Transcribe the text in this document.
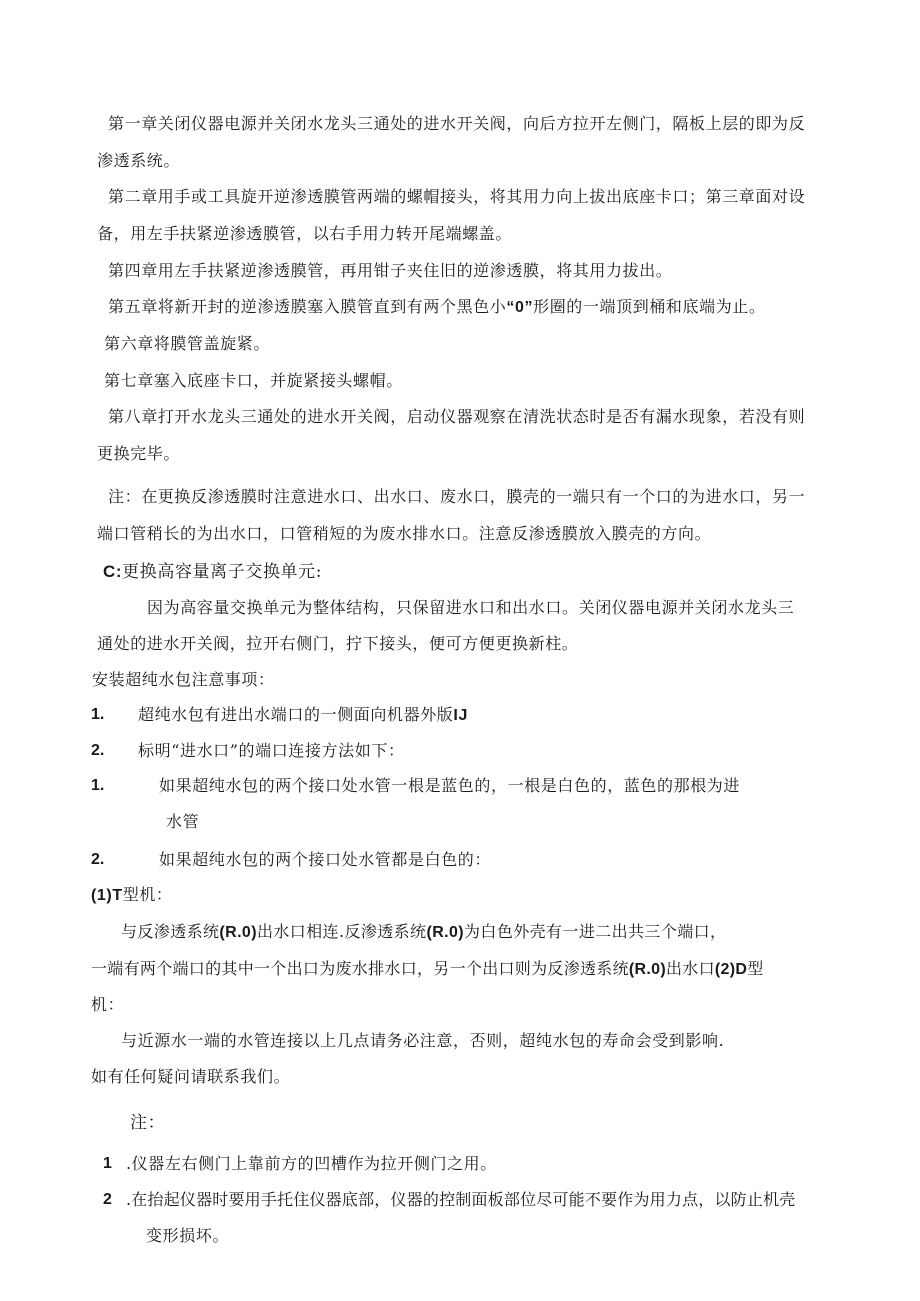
第一章关闭仪器电源并关闭水龙头三通处的进水开关阀，向后方拉开左侧门，隔板上层的即为反
渗透系统。
第二章用手或工具旋开逆渗透膜管两端的螺帽接头，将其用力向上拔出底座卡口；第三章面对设
备，用左手扶紧逆渗透膜管，以右手用力转开尾端螺盖。
第四章用左手扶紧逆渗透膜管，再用钳子夹住旧的逆渗透膜，将其用力拔出。
第五章将新开封的逆渗透膜塞入膜管直到有两个黑色小“0”形圈的一端顶到桶和底端为止。
第六章将膜管盖旋紧。
第七章塞入底座卡口，并旋紧接头螺帽。
第八章打开水龙头三通处的进水开关阀，启动仪器观察在清洗状态时是否有漏水现象，若没有则
更换完毕。
注：在更换反渗透膜时注意进水口、出水口、废水口，膜壳的一端只有一个口的为进水口，另一
端口管稍长的为出水口，口管稍短的为废水排水口。注意反渗透膜放入膜壳的方向。
C:更换高容量离子交换单元:
因为高容量交换单元为整体结构，只保留进水口和出水口。关闭仪器电源并关闭水龙头三
通处的进水开关阀，拉开右侧门，拧下接头，便可方便更换新柱。
安装超纯水包注意事项：
1. 超纯水包有进出水端口的一侧面向机器外版IJ
2. 标明“进水口”的端口连接方法如下：
1.	如果超纯水包的两个接口处水管一根是蓝色的，一根是白色的，蓝色的那根为进
水管
2.	如果超纯水包的两个接口处水管都是白色的：
(1)T型机：
与反渗透系统(R.0)出水口相连.反渗透系统(R.0)为白色外壳有一进二出共三个端口，
一端有两个端口的其中一个出口为废水排水口，另一个出口则为反渗透系统(R.0)出水口(2)D型
机：
与近源水一端的水管连接以上几点请务必注意，否则，超纯水包的寿命会受到影响.
如有任何疑问请联系我们。
注：
1 .仪器左右侧门上靠前方的凹槽作为拉开侧门之用。
2 .在抬起仪器时要用手托住仪器底部，仪器的控制面板部位尽可能不要作为用力点，以防止机壳
变形损坏。
